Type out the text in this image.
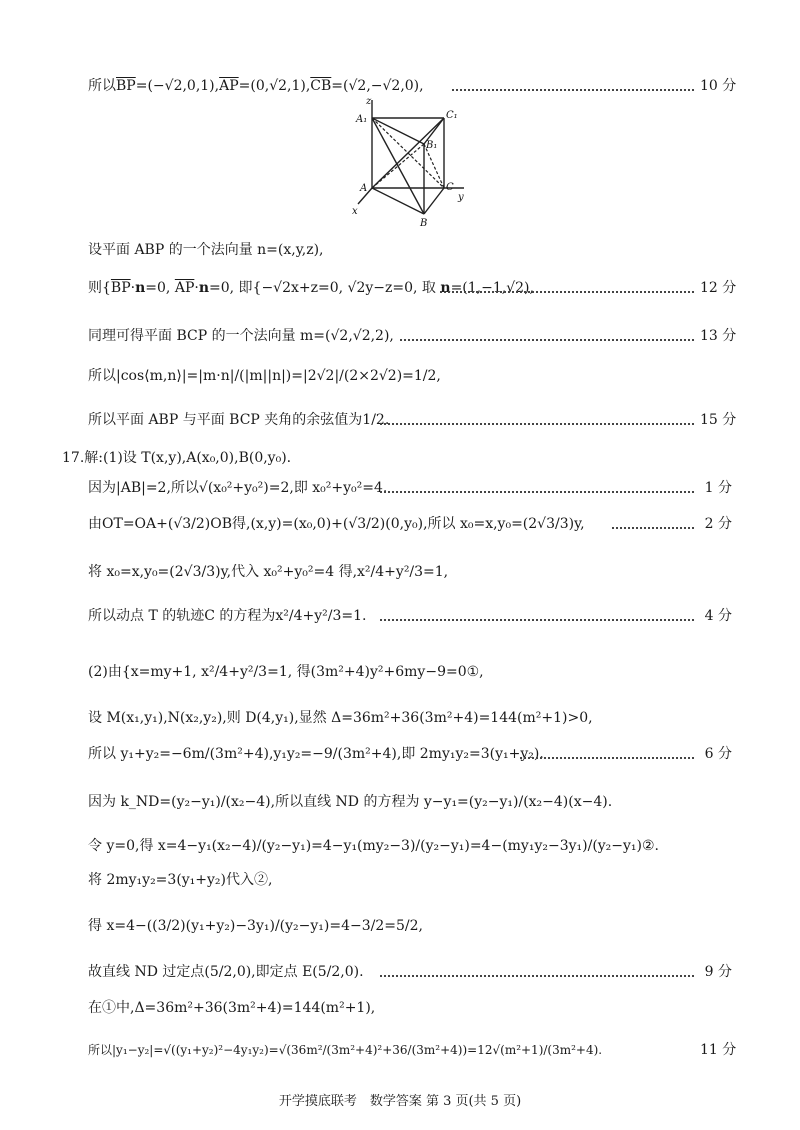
所以$\overline{BP}=(-√2,0,1),\overline{AP}=(0,√2,1),\overline{CB}=(√2,-√2,0)$,	10 分
z
A₁	C₁
B₁
A	C
y
B
x
设平面 ABP 的一个法向量 n=(x,y,z),
则{$\overline{BP}\cdot n=0$, $\overline{AP}\cdot n=0$, 即{−√2x+z=0, √2y−z=0, 取 n=(1,−1,√2),	12 分
同理可得平面 BCP 的一个法向量 m=(√2,√2,2),	13 分
所以|cos⟨m,n⟩|=|m·n|/(|m||n|)=|2√2|/(2×2√2)=1/2,
所以平面 ABP 与平面 BCP 夹角的余弦值为1/2.	15 分
17.解:(1)设 T(x,y),A(x₀,0),B(0,y₀).
因为|AB|=2,所以√(x₀²+y₀²)=2,即 x₀²+y₀²=4.	1 分
由OT=OA+(√3/2)OB得,(x,y)=(x₀,0)+(√3/2)(0,y₀),所以 x₀=x,y₀=(2√3/3)y,	2 分
将 x₀=x,y₀=(2√3/3)y,代入 x₀²+y₀²=4 得,x²/4+y²/3=1,
所以动点 T 的轨迹C 的方程为x²/4+y²/3=1.	4 分
(2)由{x=my+1, x²/4+y²/3=1, 得(3m²+4)y²+6my−9=0①,
设 M(x₁,y₁),N(x₂,y₂),则 D(4,y₁),显然 Δ=36m²+36(3m²+4)=144(m²+1)>0,
所以 y₁+y₂=−6m/(3m²+4),y₁y₂=−9/(3m²+4),即 2my₁y₂=3(y₁+y₂).	6 分
因为 k_ND=(y₂−y₁)/(x₂−4),所以直线 ND 的方程为 y−y₁=(y₂−y₁)/(x₂−4)(x−4).
令 y=0,得 x=4−y₁(x₂−4)/(y₂−y₁)=4−y₁(my₂−3)/(y₂−y₁)=4−(my₁y₂−3y₁)/(y₂−y₁)②.
将 2my₁y₂=3(y₁+y₂)代入②,
得 x=4−((3/2)(y₁+y₂)−3y₁)/(y₂−y₁)=4−3/2=5/2,
故直线 ND 过定点(5/2,0),即定点 E(5/2,0).	9 分
在①中,Δ=36m²+36(3m²+4)=144(m²+1),
所以|y₁−y₂|=√((y₁+y₂)²−4y₁y₂)=√(36m²/(3m²+4)²+36/(3m²+4))=12√(m²+1)/(3m²+4).	11 分
开学摸底联考　数学答案 第 3 页(共 5 页)
